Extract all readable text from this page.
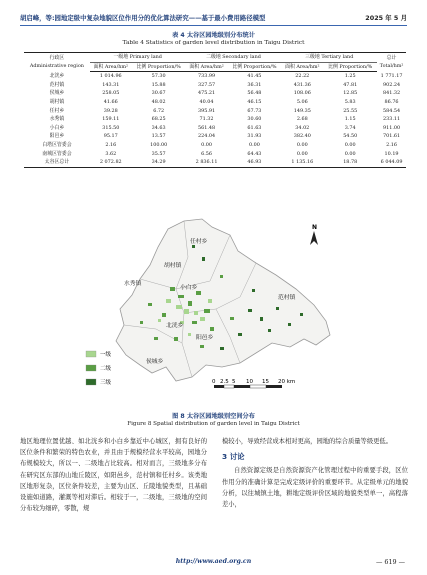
胡启峰，等:园地定级中复杂地貌区位作用分的优化算法研究——基于最小费用路径模型	2025 年 5 月
表 4 太谷区园地级别分布统计
Table 4 Statistics of garden level distribution in Taigu District
行政区
Administrative region	一级地 Primary land		二级地 Secondary land		三级地 Tertiary land		总计
Total/hm²
	面积 Area/hm²	比例 Proportion/%	面积 Area/hm²	比例 Proportion/%	面积 Area/hm²	比例 Proportion/%	
北洸乡	1 014.96	57.30	733.99	41.45	22.22	1.25	1 771.17
范村镇	143.31	15.88	327.57	36.31	431.36	47.81	902.24
侯城乡	258.05	30.67	475.21	56.48	108.06	12.85	841.32
胡村镇	41.66	48.02	40.04	46.15	5.06	5.83	86.76
任村乡	39.28	6.72	395.91	67.73	149.35	25.55	584.54
水秀镇	159.11	68.25	71.32	30.60	2.68	1.15	233.11
小白乡	315.50	34.63	561.48	61.63	34.02	3.74	911.00
阳邑乡	95.17	13.57	224.04	31.93	382.40	54.50	701.61
白塔区管委会	2.16	100.00	0.00	0.00	0.00	0.00	2.16
南城区管委会	3.62	35.57	6.56	64.43	0.00	0.00	10.19
太谷区总计	2 072.82	34.29	2 836.11	46.93	1 135.16	18.78	6 044.09
任村乡
胡村镇
水秀镇
小白乡
北洸乡
范村镇
阳邑乡
侯城乡
N
一级
二级
三级	0 2.5 5 10 15 20 km
图 8 太谷区园地级别空间分布
Figure 8 Spatial distribution of garden level in Taigu District

地区地理位置优越、如北洸乡和小白乡靠近中心城区，拥有良好的区位条件和繁荣的特色农业，并且由于规模经营水平较高，园地分布规模较大，所以一、二级地占比较高。相对而言，三级地多分布在研究区东部的山地丘陵区，如阳邑乡，范村镇和任村乡。该类地区地形复杂，区位条件较差，主要为山区、丘陵地貌类型，且基础设施如道路，灌溉等相对滞后。相较于一，二级地，三级地的空间分布较为细碎，零散，规

模较小，导致经营成本相对更高，园地的综合质量等级更低。

3 讨论

自然资源定级是自然资源资产化管理过程中的重要手段，区位作用分的准确计算是完成定级评价的重要环节。从定级单元的地貌分析，以往城镇土地，耕地定级评价区域的地貌类型单一，高程落差小，

http://www.aed.org.cn	— 619 —
